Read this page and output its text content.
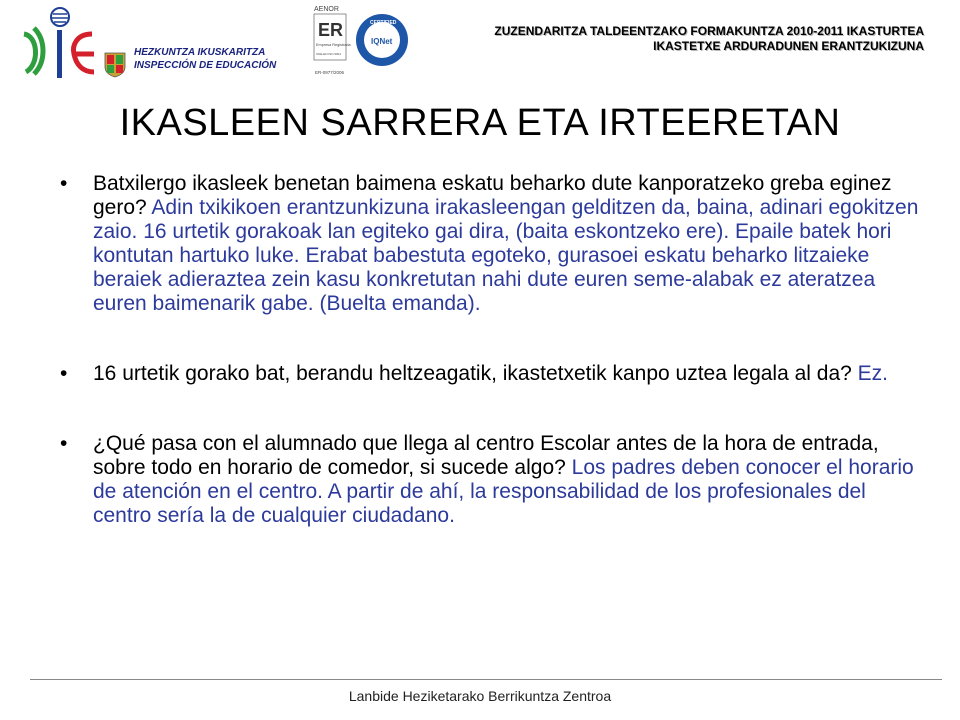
HEZKUNTZA IKUSKARITZA
INSPECCIÓN DE EDUCACIÓN
AENOR
ER
Empresa Registrada
UNE-EN ISO 9001
ER-0977/2006
CERTIFIED
IQNet
ZUZENDARITZA TALDEENTZAKO FORMAKUNTZA 2010-2011 IKASTURTEA
IKASTETXE ARDURADUNEN ERANTZUKIZUNA
IKASLEEN SARRERA ETA IRTEERETAN
• Batxilergo ikasleek benetan baimena eskatu beharko dute kanporatzeko greba eginez gero? Adin txikikoen erantzunkizuna irakasleengan gelditzen da, baina, adinari egokitzen zaio. 16 urtetik gorakoak lan egiteko gai dira, (baita eskontzeko ere). Epaile batek hori kontutan hartuko luke. Erabat babestuta egoteko, gurasoei eskatu beharko litzaieke beraiek adieraztea zein kasu konkretutan nahi dute euren seme-alabak ez ateratzea euren baimenarik gabe. (Buelta emanda).
• 16 urtetik gorako bat, berandu heltzeagatik, ikastetxetik kanpo uztea legala al da? Ez.
• ¿Qué pasa con el alumnado que llega al centro Escolar antes de la hora de entrada, sobre todo en horario de comedor, si sucede algo? Los padres deben conocer el horario de atención en el centro. A partir de ahí, la responsabilidad de los profesionales del centro sería la de cualquier ciudadano.
Lanbide Heziketarako Berrikuntza Zentroa
